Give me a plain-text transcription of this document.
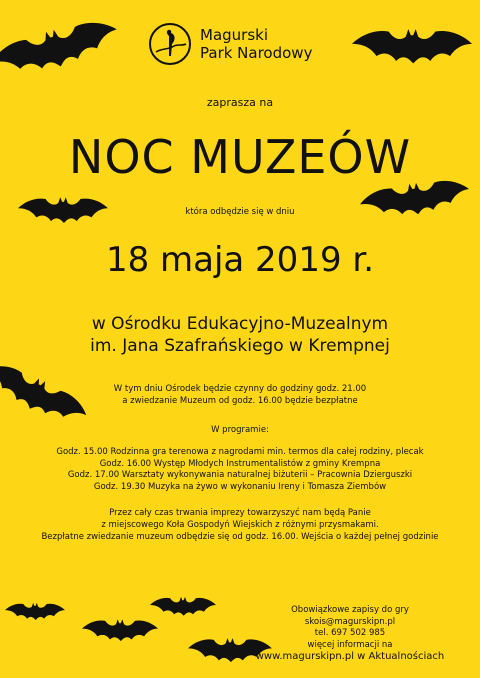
Magurski
Park Narodowy
zaprasza na
NOC MUZEÓW
która odbędzie się w dniu
18 maja 2019 r.
w Ośrodku Edukacyjno-Muzealnym
im. Jana Szafrańskiego w Krempnej
W tym dniu Ośrodek będzie czynny do godziny godz. 21.00
a zwiedzanie Muzeum od godz. 16.00 będzie bezpłatne
W programie:
Godz. 15.00 Rodzinna gra terenowa z nagrodami min. termos dla całej rodziny, plecak
Godz. 16.00 Występ Młodych Instrumentalistów z gminy Krempna
Godz. 17.00 Warsztaty wykonywania naturalnej biżuterii – Pracownia Dzierguszki
Godz. 19.30 Muzyka na żywo w wykonaniu Ireny i Tomasza Ziembów
Przez cały czas trwania imprezy towarzyszyć nam będą Panie
z miejscowego Koła Gospodyń Wiejskich z różnymi przysmakami.
Bezpłatne zwiedzanie muzeum odbędzie się od godz. 16.00. Wejścia o każdej pełnej godzinie
Obowiązkowe zapisy do gry
skois@magurskipn.pl
tel. 697 502 985
więcej informacji na
www.magurskipn.pl w Aktualnościach
